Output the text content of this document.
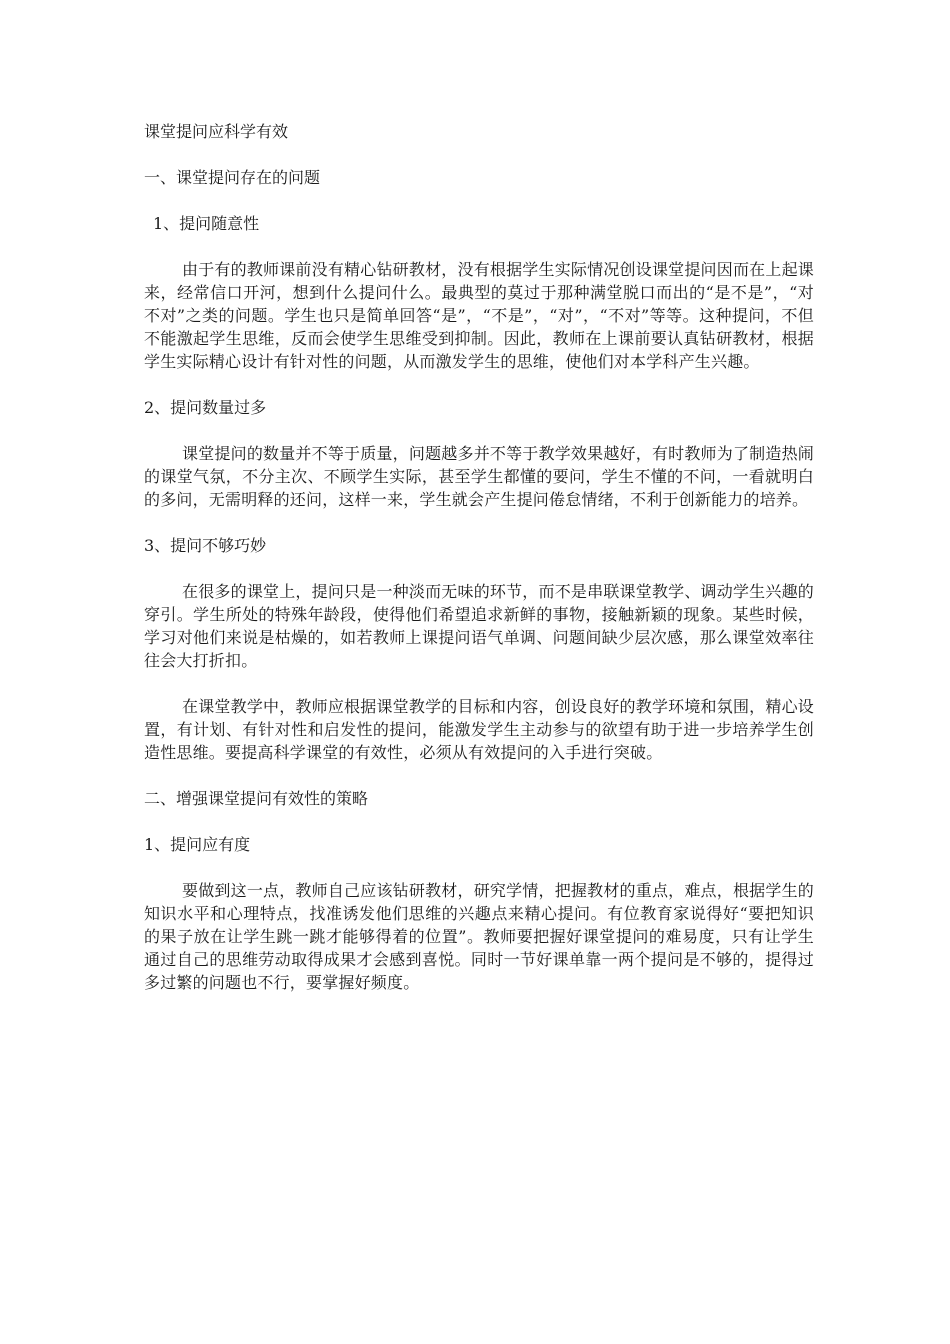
课堂提问应科学有效

一、课堂提问存在的问题

1、提问随意性

由于有的教师课前没有精心钻研教材，没有根据学生实际情况创设课堂提问因而在上起课来，经常信口开河，想到什么提问什么。最典型的莫过于那种满堂脱口而出的“是不是”，“对不对”之类的问题。学生也只是简单回答“是”，“不是”，“对”，“不对”等等。这种提问，不但不能激起学生思维，反而会使学生思维受到抑制。因此，教师在上课前要认真钻研教材，根据学生实际精心设计有针对性的问题，从而激发学生的思维，使他们对本学科产生兴趣。

2、提问数量过多

课堂提问的数量并不等于质量，问题越多并不等于教学效果越好，有时教师为了制造热闹的课堂气氛，不分主次、不顾学生实际，甚至学生都懂的要问，学生不懂的不问，一看就明白的多问，无需明释的还问，这样一来，学生就会产生提问倦怠情绪，不利于创新能力的培养。

3、提问不够巧妙

在很多的课堂上，提问只是一种淡而无味的环节，而不是串联课堂教学、调动学生兴趣的穿引。学生所处的特殊年龄段，使得他们希望追求新鲜的事物，接触新颖的现象。某些时候，学习对他们来说是枯燥的，如若教师上课提问语气单调、问题间缺少层次感，那么课堂效率往往会大打折扣。

在课堂教学中，教师应根据课堂教学的目标和内容，创设良好的教学环境和氛围，精心设置，有计划、有针对性和启发性的提问，能激发学生主动参与的欲望有助于进一步培养学生创造性思维。要提高科学课堂的有效性，必须从有效提问的入手进行突破。

二、增强课堂提问有效性的策略

1、提问应有度

要做到这一点，教师自己应该钻研教材，研究学情，把握教材的重点，难点，根据学生的知识水平和心理特点，找准诱发他们思维的兴趣点来精心提问。有位教育家说得好“要把知识的果子放在让学生跳一跳才能够得着的位置”。教师要把握好课堂提问的难易度，只有让学生通过自己的思维劳动取得成果才会感到喜悦。同时一节好课单靠一两个提问是不够的，提得过多过繁的问题也不行，要掌握好频度。
